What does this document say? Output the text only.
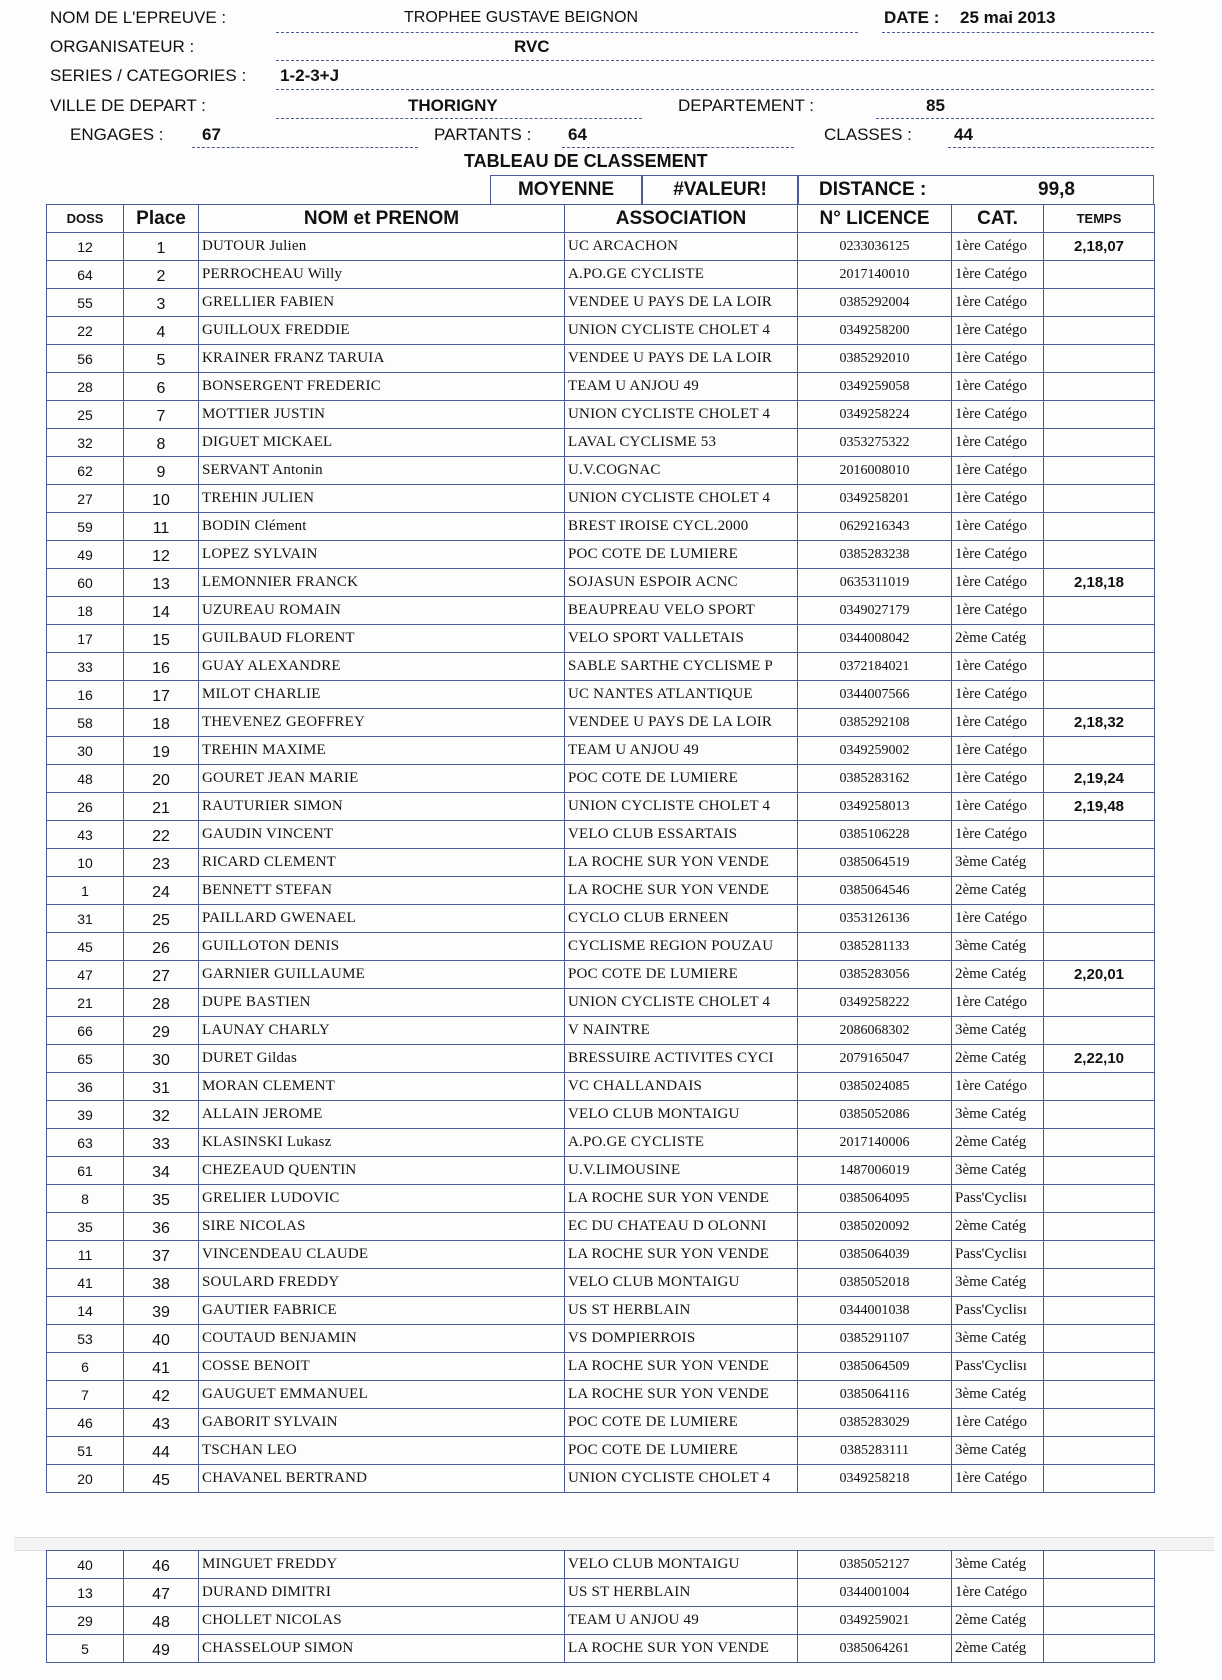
NOM DE L'EPREUVE :	TROPHEE GUSTAVE BEIGNON	DATE : 25 mai 2013
ORGANISATEUR :	RVC
SERIES / CATEGORIES : 1-2-3+J
VILLE DE DEPART :	THORIGNY	DEPARTEMENT :	85
ENGAGES : 67	PARTANTS : 64	CLASSES : 44
TABLEAU DE CLASSEMENT
MOYENNE	#VALEUR!	DISTANCE :	99,8
DOSS	Place	NOM et PRENOM	ASSOCIATION	N° LICENCE	CAT.	TEMPS
12	1	DUTOUR Julien	UC ARCACHON	0233036125	1ère Catégo	2,18,07
64	2	PERROCHEAU Willy	A.PO.GE CYCLISTE	2017140010	1ère Catégo	
55	3	GRELLIER FABIEN	VENDEE U PAYS DE LA LOIR	0385292004	1ère Catégo	
22	4	GUILLOUX FREDDIE	UNION CYCLISTE CHOLET 4	0349258200	1ère Catégo	
56	5	KRAINER FRANZ TARUIA	VENDEE U PAYS DE LA LOIR	0385292010	1ère Catégo	
28	6	BONSERGENT FREDERIC	TEAM U ANJOU 49	0349259058	1ère Catégo	
25	7	MOTTIER JUSTIN	UNION CYCLISTE CHOLET 4	0349258224	1ère Catégo	
32	8	DIGUET MICKAEL	LAVAL CYCLISME 53	0353275322	1ère Catégo	
62	9	SERVANT Antonin	U.V.COGNAC	2016008010	1ère Catégo	
27	10	TREHIN JULIEN	UNION CYCLISTE CHOLET 4	0349258201	1ère Catégo	
59	11	BODIN Clément	BREST IROISE CYCL.2000	0629216343	1ère Catégo	
49	12	LOPEZ SYLVAIN	POC COTE DE LUMIERE	0385283238	1ère Catégo	
60	13	LEMONNIER FRANCK	SOJASUN ESPOIR ACNC	0635311019	1ère Catégo	2,18,18
18	14	UZUREAU ROMAIN	BEAUPREAU VELO SPORT	0349027179	1ère Catégo	
17	15	GUILBAUD FLORENT	VELO SPORT VALLETAIS	0344008042	2ème Catég	
33	16	GUAY ALEXANDRE	SABLE SARTHE CYCLISME P	0372184021	1ère Catégo	
16	17	MILOT CHARLIE	UC NANTES ATLANTIQUE	0344007566	1ère Catégo	
58	18	THEVENEZ GEOFFREY	VENDEE U PAYS DE LA LOIR	0385292108	1ère Catégo	2,18,32
30	19	TREHIN MAXIME	TEAM U ANJOU 49	0349259002	1ère Catégo	
48	20	GOURET JEAN MARIE	POC COTE DE LUMIERE	0385283162	1ère Catégo	2,19,24
26	21	RAUTURIER SIMON	UNION CYCLISTE CHOLET 4	0349258013	1ère Catégo	2,19,48
43	22	GAUDIN VINCENT	VELO CLUB ESSARTAIS	0385106228	1ère Catégo	
10	23	RICARD CLEMENT	LA ROCHE SUR YON VENDE	0385064519	3ème Catég	
1	24	BENNETT STEFAN	LA ROCHE SUR YON VENDE	0385064546	2ème Catég	
31	25	PAILLARD GWENAEL	CYCLO CLUB ERNEEN	0353126136	1ère Catégo	
45	26	GUILLOTON DENIS	CYCLISME REGION POUZAU	0385281133	3ème Catég	
47	27	GARNIER GUILLAUME	POC COTE DE LUMIERE	0385283056	2ème Catég	2,20,01
21	28	DUPE BASTIEN	UNION CYCLISTE CHOLET 4	0349258222	1ère Catégo	
66	29	LAUNAY CHARLY	V NAINTRE	2086068302	3ème Catég	
65	30	DURET Gildas	BRESSUIRE ACTIVITES CYCI	2079165047	2ème Catég	2,22,10
36	31	MORAN CLEMENT	VC CHALLANDAIS	0385024085	1ère Catégo	
39	32	ALLAIN JEROME	VELO CLUB MONTAIGU	0385052086	3ème Catég	
63	33	KLASINSKI Lukasz	A.PO.GE CYCLISTE	2017140006	2ème Catég	
61	34	CHEZEAUD QUENTIN	U.V.LIMOUSINE	1487006019	3ème Catég	
8	35	GRELIER LUDOVIC	LA ROCHE SUR YON VENDE	0385064095	Pass'Cyclisı	
35	36	SIRE NICOLAS	EC DU CHATEAU D OLONNI	0385020092	2ème Catég	
11	37	VINCENDEAU CLAUDE	LA ROCHE SUR YON VENDE	0385064039	Pass'Cyclisı	
41	38	SOULARD FREDDY	VELO CLUB MONTAIGU	0385052018	3ème Catég	
14	39	GAUTIER FABRICE	US ST HERBLAIN	0344001038	Pass'Cyclisı	
53	40	COUTAUD BENJAMIN	VS DOMPIERROIS	0385291107	3ème Catég	
6	41	COSSE BENOIT	LA ROCHE SUR YON VENDE	0385064509	Pass'Cyclisı	
7	42	GAUGUET EMMANUEL	LA ROCHE SUR YON VENDE	0385064116	3ème Catég	
46	43	GABORIT SYLVAIN	POC COTE DE LUMIERE	0385283029	1ère Catégo	
51	44	TSCHAN LEO	POC COTE DE LUMIERE	0385283111	3ème Catég	
20	45	CHAVANEL BERTRAND	UNION CYCLISTE CHOLET 4	0349258218	1ère Catégo	
40	46	MINGUET FREDDY	VELO CLUB MONTAIGU	0385052127	3ème Catég	
13	47	DURAND DIMITRI	US ST HERBLAIN	0344001004	1ère Catégo	
29	48	CHOLLET NICOLAS	TEAM U ANJOU 49	0349259021	2ème Catég	
5	49	CHASSELOUP SIMON	LA ROCHE SUR YON VENDE	0385064261	2ème Catég	
